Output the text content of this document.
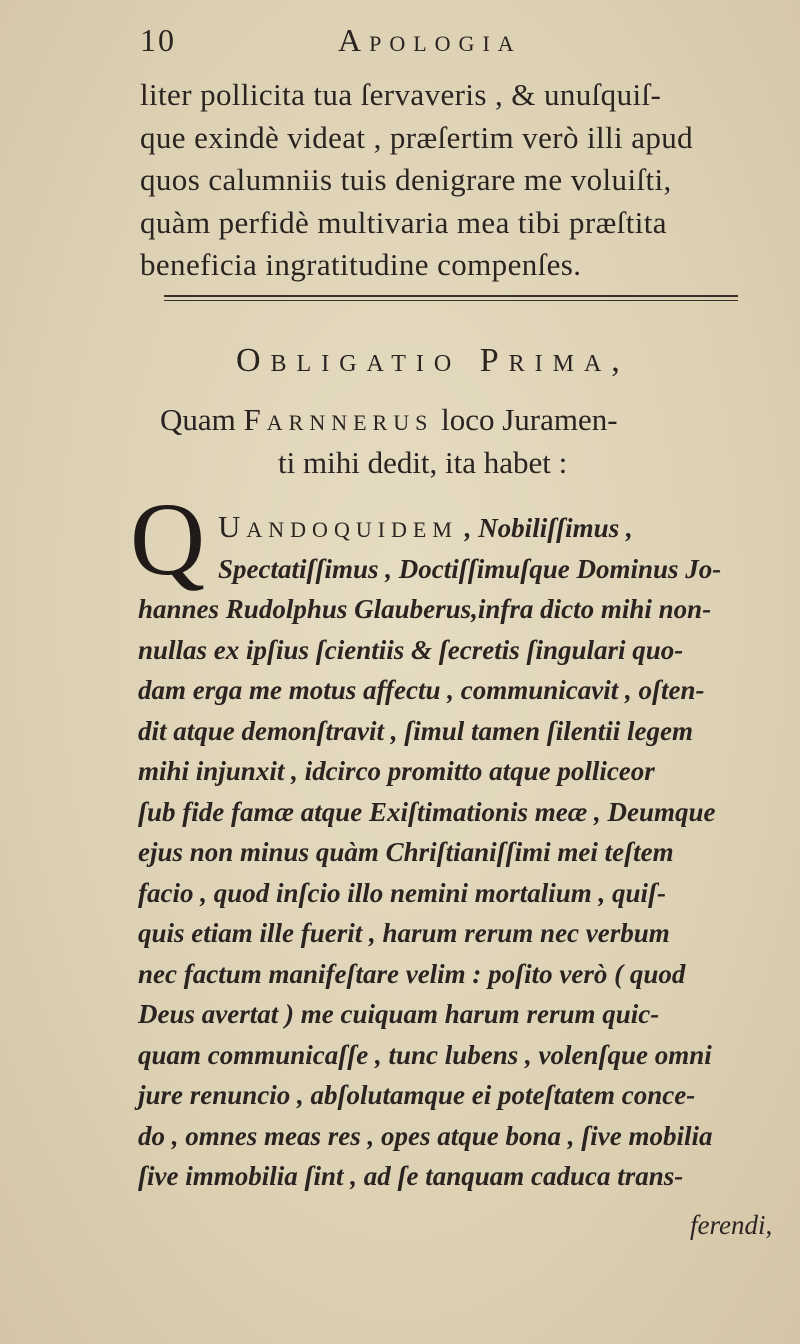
10	Apologia

liter pollicita tua ſervaveris , & unuſquiſ-

que exindè videat , præſertim verò illi apud

quos calumniis tuis denigrare me voluiſti,

quàm perfidè multivaria mea tibi præſtita

beneficia ingratitudine compenſes.

Obligatio Prima,
Quam Farnnerus loco Juramen-
ti mihi dedit, ita habet :
Q Uandoquidem , Nobiliſſimus ,
Spectatiſſimus , Doctiſſimuſque Dominus Jo-
hannes Rudolphus Glauberus,infra dicto mihi non-
nullas ex ipſius ſcientiis & ſecretis ſingulari quo-
dam erga me motus affectu , communicavit , oſten-
dit atque demonſtravit , ſimul tamen ſilentii legem
mihi injunxit , idcirco promitto atque polliceor
ſub fide famæ atque Exiſtimationis meæ , Deumque
ejus non minus quàm Chriſtianiſſimi mei teſtem
facio , quod inſcio illo nemini mortalium , quiſ-
quis etiam ille fuerit , harum rerum nec verbum
nec factum manifeſtare velim : poſito verò ( quod
Deus avertat ) me cuiquam harum rerum quic-
quam communicaſſe , tunc lubens , volenſque omni
jure renuncio , abſolutamque ei poteſtatem conce-
do , omnes meas res , opes atque bona , ſive mobilia
ſive immobilia ſint , ad ſe tanquam caduca trans-
ferendi,
